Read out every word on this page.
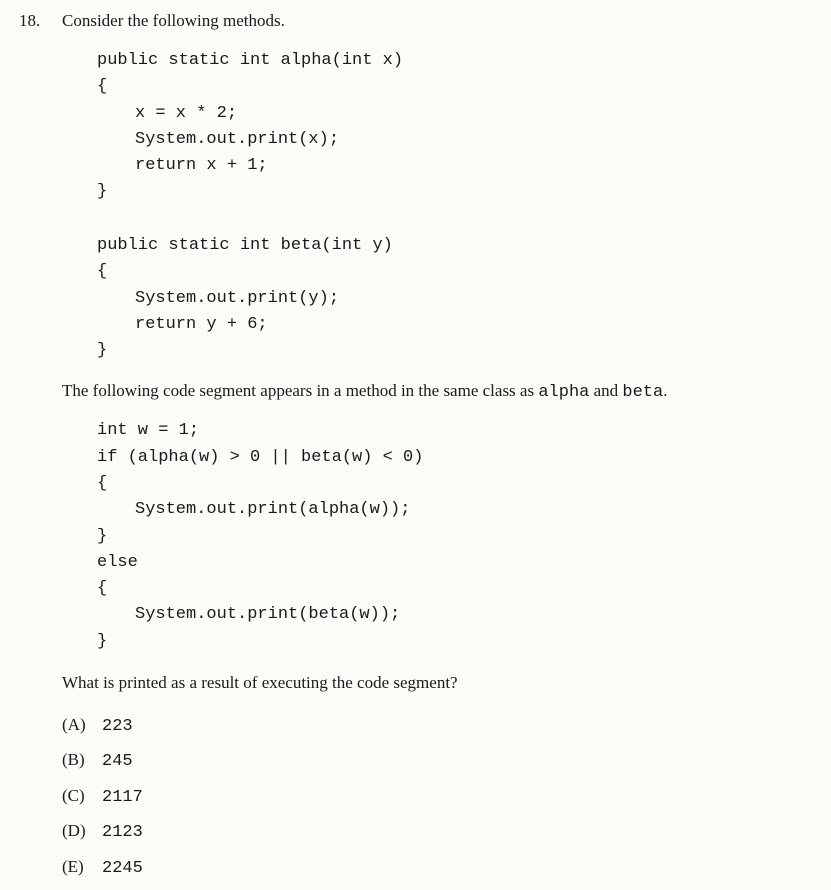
18. Consider the following methods.
public static int alpha(int x)
{
x = x * 2;
System.out.print(x);
return x + 1;
}
public static int beta(int y)
{
System.out.print(y);
return y + 6;
}
The following code segment appears in a method in the same class as alpha and beta.
int w = 1;
if (alpha(w) > 0 || beta(w) < 0)
{
System.out.print(alpha(w));
}
else
{
System.out.print(beta(w));
}
What is printed as a result of executing the code segment?
(A) 223
(B) 245
(C) 2117
(D) 2123
(E) 2245
